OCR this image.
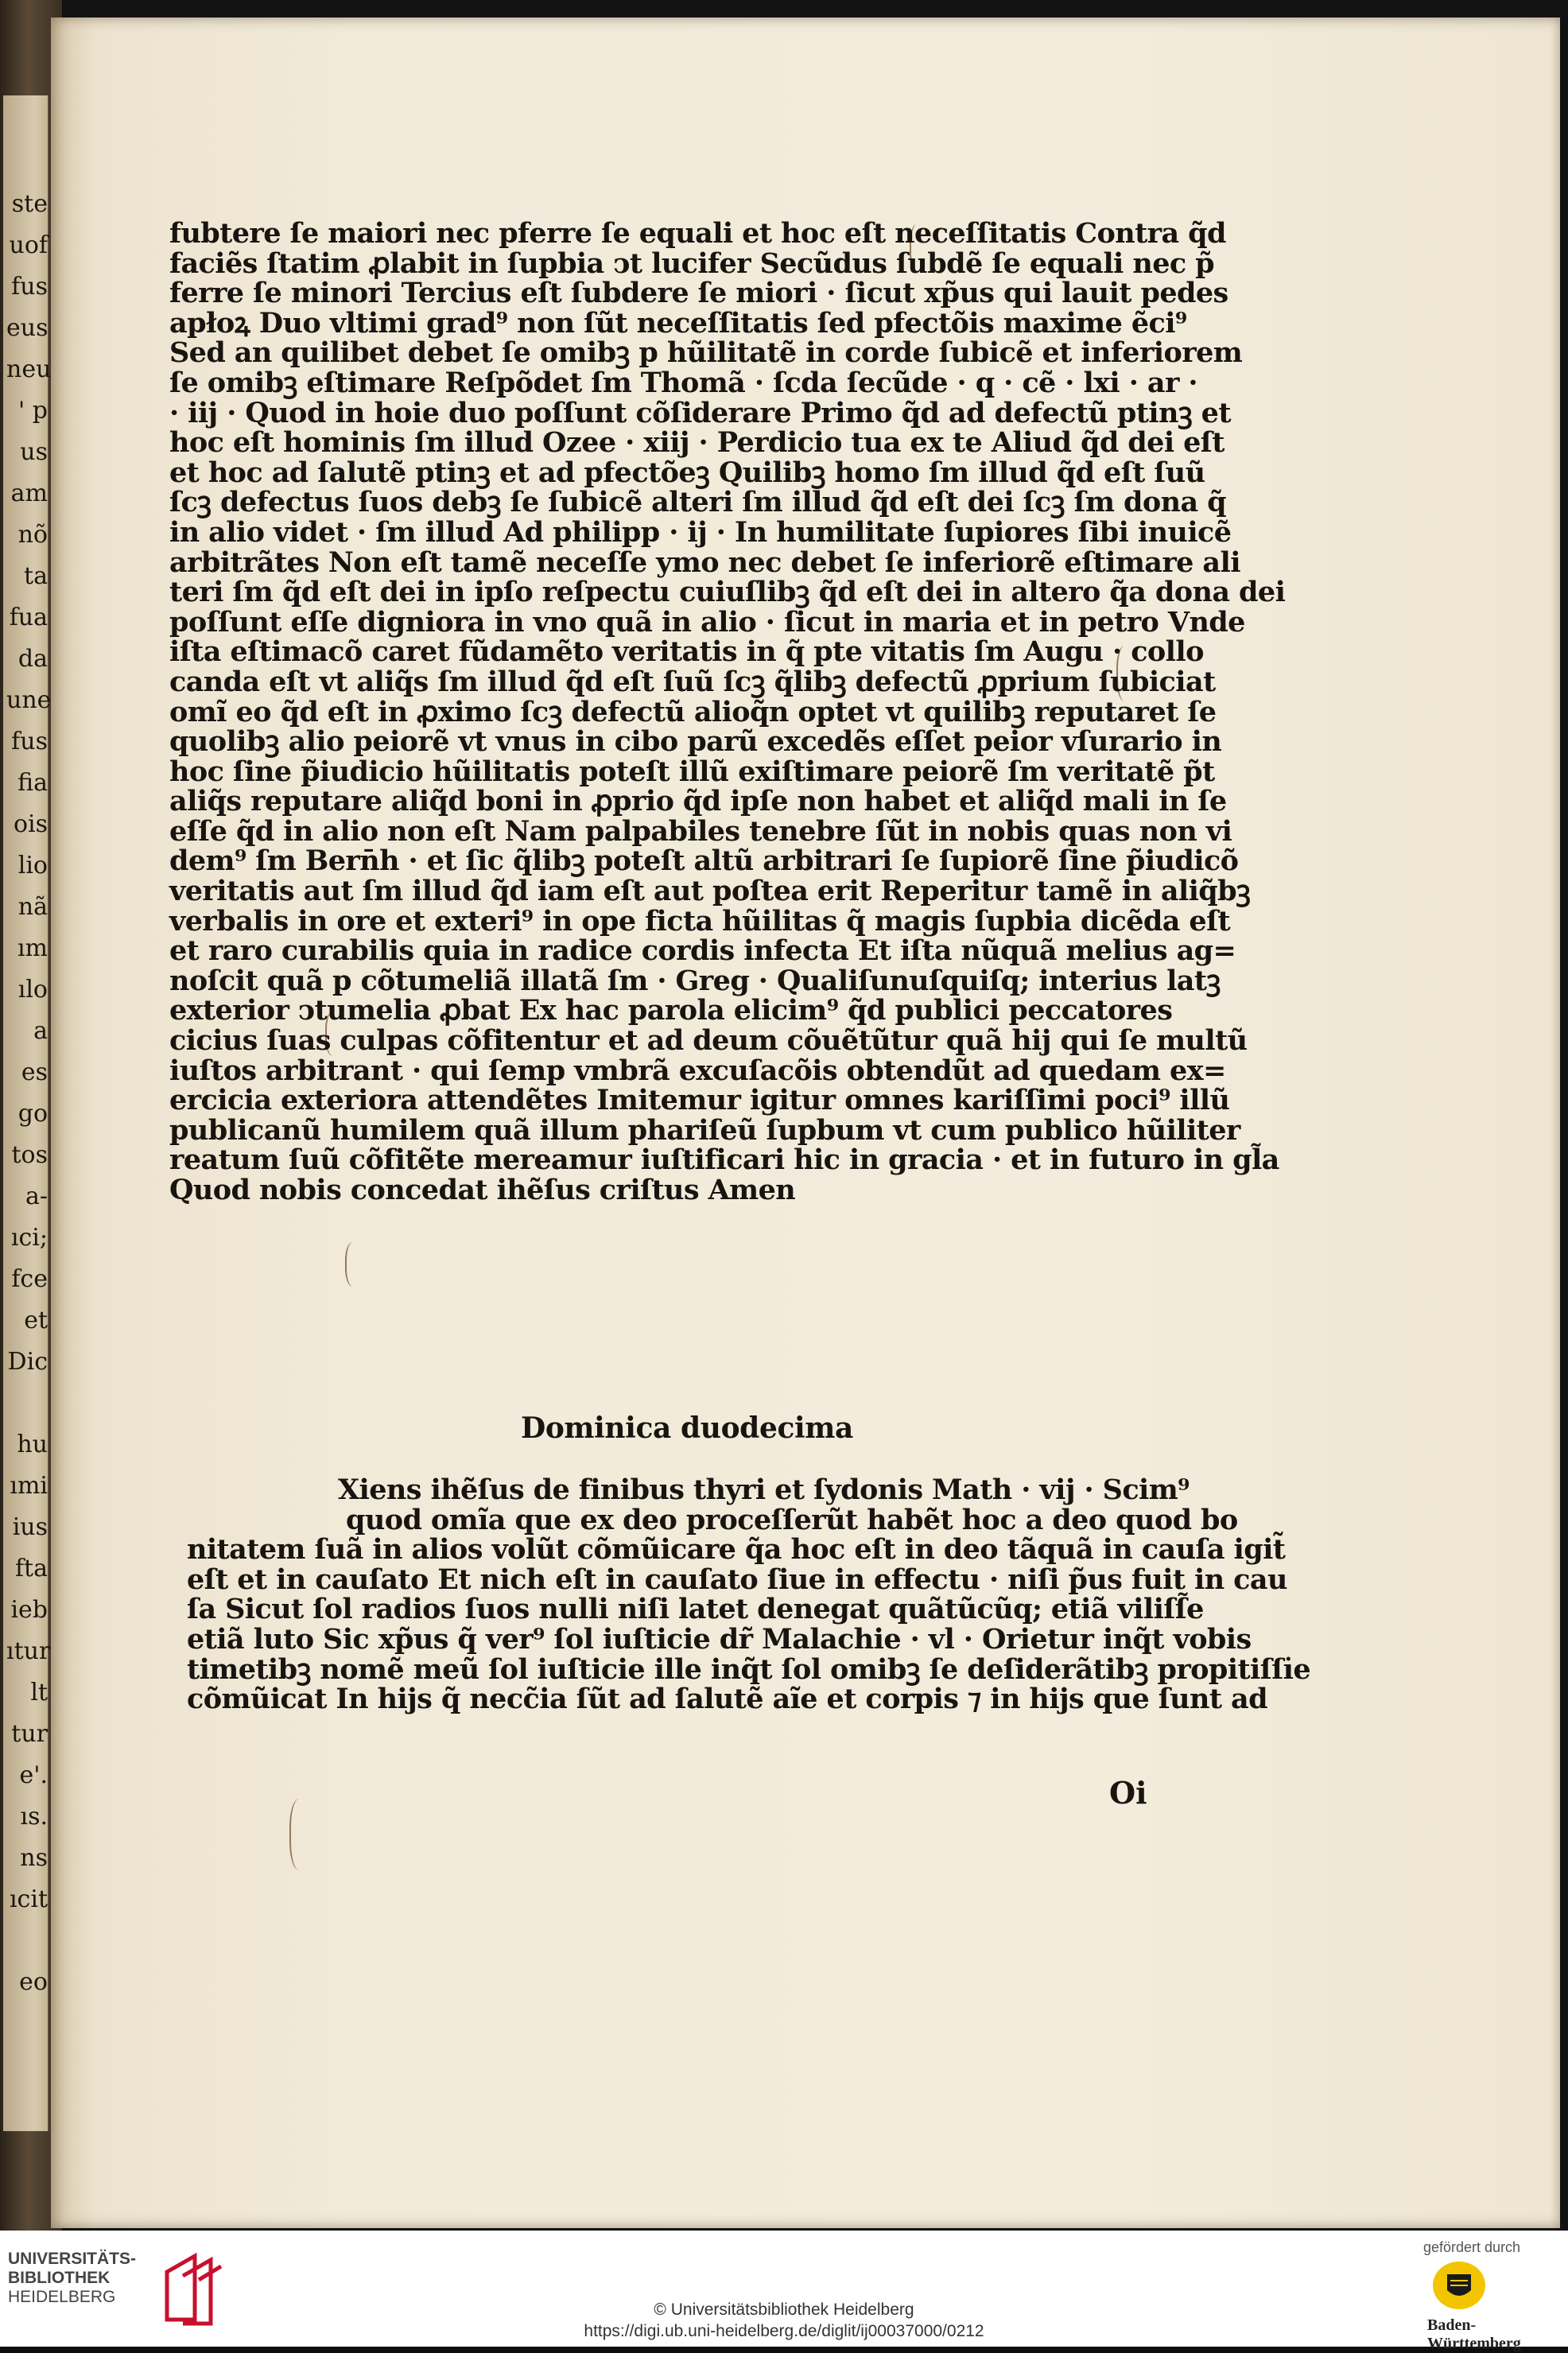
ste
uof
fus
eus
neu
' p
us
am
nõ
ta
fua
da
une
fus
fia
ois
lio
nã
ım
ılo
a
es
go
tos
a-
ıci;
fce
et
Dic
hu
ımi
ius
fta
ieb
ıtur
lt
tur
e'.
ıs.
ns
ıcit
eo
fubtere ſe maiori nec pferre ſe equali et hoc eſt neceſſitatis Contra q̃d
faciẽs ſtatim ꝓlabit in ſupbia ↄt lucifer Secũdus ſubdẽ ſe equali nec p̃
ferre ſe minori Tercius eſt ſubdere ſe miori · ſicut xp̃us qui lauit pedes
apłoꝝ Duo vltimi grad⁹ non ſũt neceſſitatis ſed pfectõis maxime ẽci⁹
Sed an quilibet debet ſe omibꝫ p hũilitatẽ in corde ſubicẽ et inferiorem
ſe omibꝫ eſtimare Reſpõdet ſm Thomã · ſcda ſecũde · q · cẽ · lxi · ar ·
· iij · Quod in hoie duo poſſunt cõſiderare Primo q̃d ad defectũ ptinꝫ et
hoc eſt hominis ſm illud Ozee · xiij · Perdicio tua ex te Aliud q̃d dei eſt
et hoc ad ſalutẽ ptinꝫ et ad pfectõeꝫ Quilibꝫ homo ſm illud q̃d eſt ſuũ
ſcꝫ defectus ſuos debꝫ ſe ſubicẽ alteri ſm illud q̃d eſt dei ſcꝫ ſm dona q̃
in alio videt · ſm illud Ad philipp · ij · In humilitate ſupiores ſibi inuicẽ
arbitrãtes Non eſt tamẽ neceſſe ymo nec debet ſe inferiorẽ eſtimare ali
teri ſm q̃d eſt dei in ipſo reſpectu cuiuſlibꝫ q̃d eſt dei in altero q̃a dona dei
poſſunt eſſe digniora in vno quã in alio · ſicut in maria et in petro Vnde
iſta eſtimacõ caret fũdamẽto veritatis in q̃ pte vitatis ſm Augu · collo
canda eſt vt aliq̃s ſm illud q̃d eſt ſuũ ſcꝫ q̃libꝫ defectũ ꝓprium ſubiciat
omĩ eo q̃d eſt in ꝓximo ſcꝫ defectũ alioq̃n optet vt quilibꝫ reputaret ſe
quolibꝫ alio peiorẽ vt vnus in cibo parũ excedẽs eſſet peior vſurario in
hoc ſine p̃iudicio hũilitatis poteſt illũ exiſtimare peiorẽ ſm veritatẽ p̃t
aliq̃s reputare aliq̃d boni in ꝓprio q̃d ipſe non habet et aliq̃d mali in ſe
eſſe q̃d in alio non eſt Nam palpabiles tenebre ſũt in nobis quas non vi
dem⁹ ſm Bern̄h · et ſic q̃libꝫ poteſt altũ arbitrari ſe ſupiorẽ ſine p̃iudicõ
veritatis aut ſm illud q̃d iam eſt aut poſtea erit Reperitur tamẽ in aliq̃bꝫ
verbalis in ore et exteri⁹ in ope ficta hũilitas q̃ magis ſupbia dicẽda eſt
et raro curabilis quia in radice cordis infecta Et iſta nũquã melius ag=
noſcit quã p cõtumeliã illatã ſm · Greg · Qualiſunuſquiſq; interius latꝫ
exterior ↄtumelia ꝓbat Ex hac parola elicim⁹ q̃d publici peccatores
cicius ſuas culpas cõfitentur et ad deum cõuẽtũtur quã hij qui ſe multũ
iuſtos arbitrant · qui ſemp vmbrã excuſacõis obtendũt ad quedam ex=
ercicia exteriora attendẽtes Imitemur igitur omnes kariſſimi poci⁹ illũ
publicanũ humilem quã illum phariſeũ ſupbum vt cum publico hũiliter
reatum ſuũ cõfitẽte mereamur iuſtificari hic in gracia · et in futuro in gl̃a
Quod nobis concedat ihẽſus criſtus Amen
Dominica duodecima
Xiens ihẽſus de finibus thyri et ſydonis Math · vij · Scim⁹
quod omĩa que ex deo proceſſerũt habẽt hoc a deo quod bo
nitatem ſuã in alios volũt cõmũicare q̃a hoc eſt in deo tãquã in cauſa igit̃
eſt et in cauſato Et nich eſt in cauſato ſiue in effectu · niſi p̃us fuit in cau
ſa Sicut ſol radios ſuos nulli niſi latet denegat quãtũcũq; etiã viliſſ̃e
etiã luto Sic xp̃us q̃ ver⁹ ſol iuſticie dr̃ Malachie · vl · Orietur inq̃t vobis
timetibꝫ nomẽ meũ ſol iuſticie ille inq̃t ſol omibꝫ ſe deſiderãtibꝫ propitiſſi̇e
cõmũicat In hijs q̃ necc̃ia ſũt ad ſalutẽ aĩe et corpis ⁊ in hijs que ſunt ad
Oi
UNIVERSITÄTS-
BIBLIOTHEK
HEIDELBERG
© Universitätsbibliothek Heidelberg
https://digi.ub.uni-heidelberg.de/diglit/ij00037000/0212
gefördert durch
Baden-Württemberg
